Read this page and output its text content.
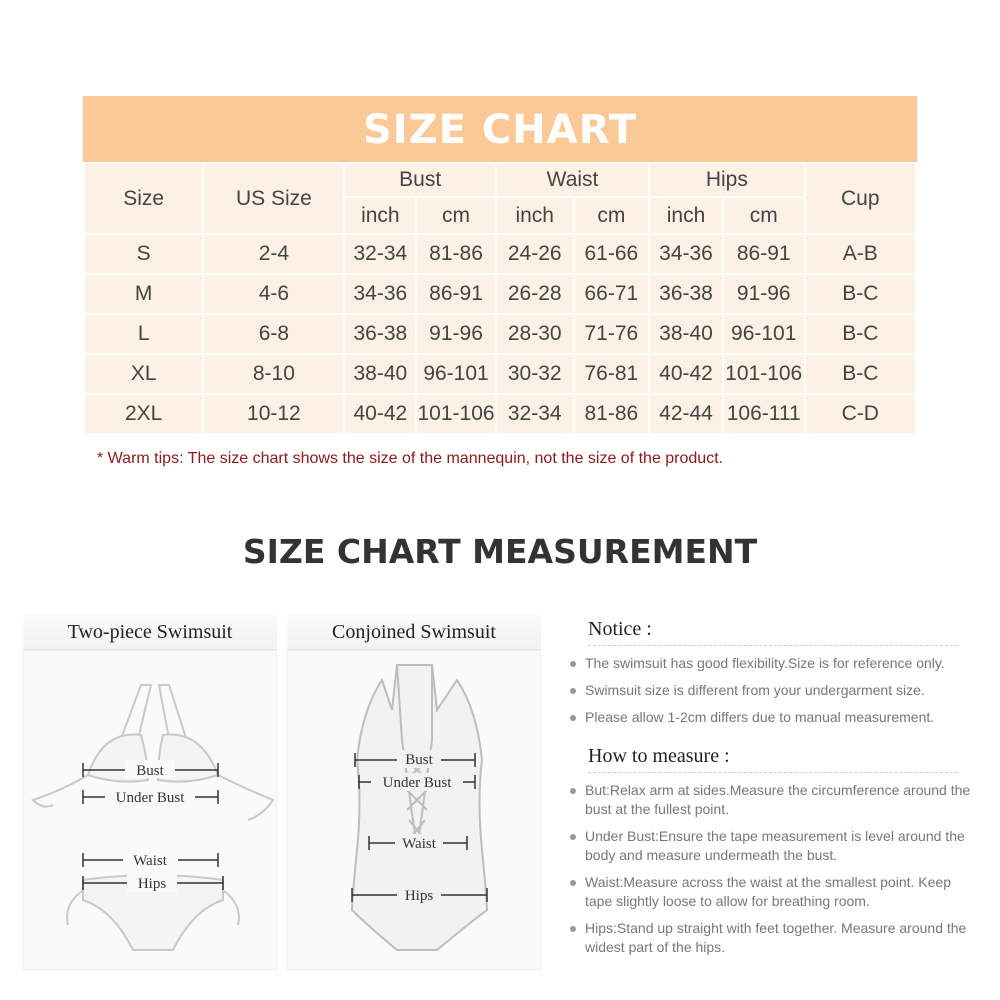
SIZE CHART
Size	US Size	Bust		Waist		Hips		Cup
		inch	cm	inch	cm	inch	cm	
S	2-4	32-34	81-86	24-26	61-66	34-36	86-91	A-B
M	4-6	34-36	86-91	26-28	66-71	36-38	91-96	B-C
L	6-8	36-38	91-96	28-30	71-76	38-40	96-101	B-C
XL	8-10	38-40	96-101	30-32	76-81	40-42	101-106	B-C
2XL	10-12	40-42	101-106	32-34	81-86	42-44	106-111	C-D
* Warm tips: The size chart shows the size of the mannequin, not the size of the product.
SIZE CHART MEASUREMENT
Two-piece Swimsuit
Bust
Under Bust
Waist
Hips
Conjoined Swimsuit
Bust
Under Bust
Waist
Hips
Notice :
The swimsuit has good flexibility.Size is for reference only.
Swimsuit size is different from your undergarment size.
Please allow 1-2cm differs due to manual measurement.
How to measure :
But:Relax arm at sides.Measure the circumference around the bust at the fullest point.
Under Bust:Ensure the tape measurement is level around the body and measure undermeath the bust.
Waist:Measure across the waist at the smallest point. Keep tape slightly loose to allow for breathing room.
Hips:Stand up straight with feet together. Measure around the widest part of the hips.
